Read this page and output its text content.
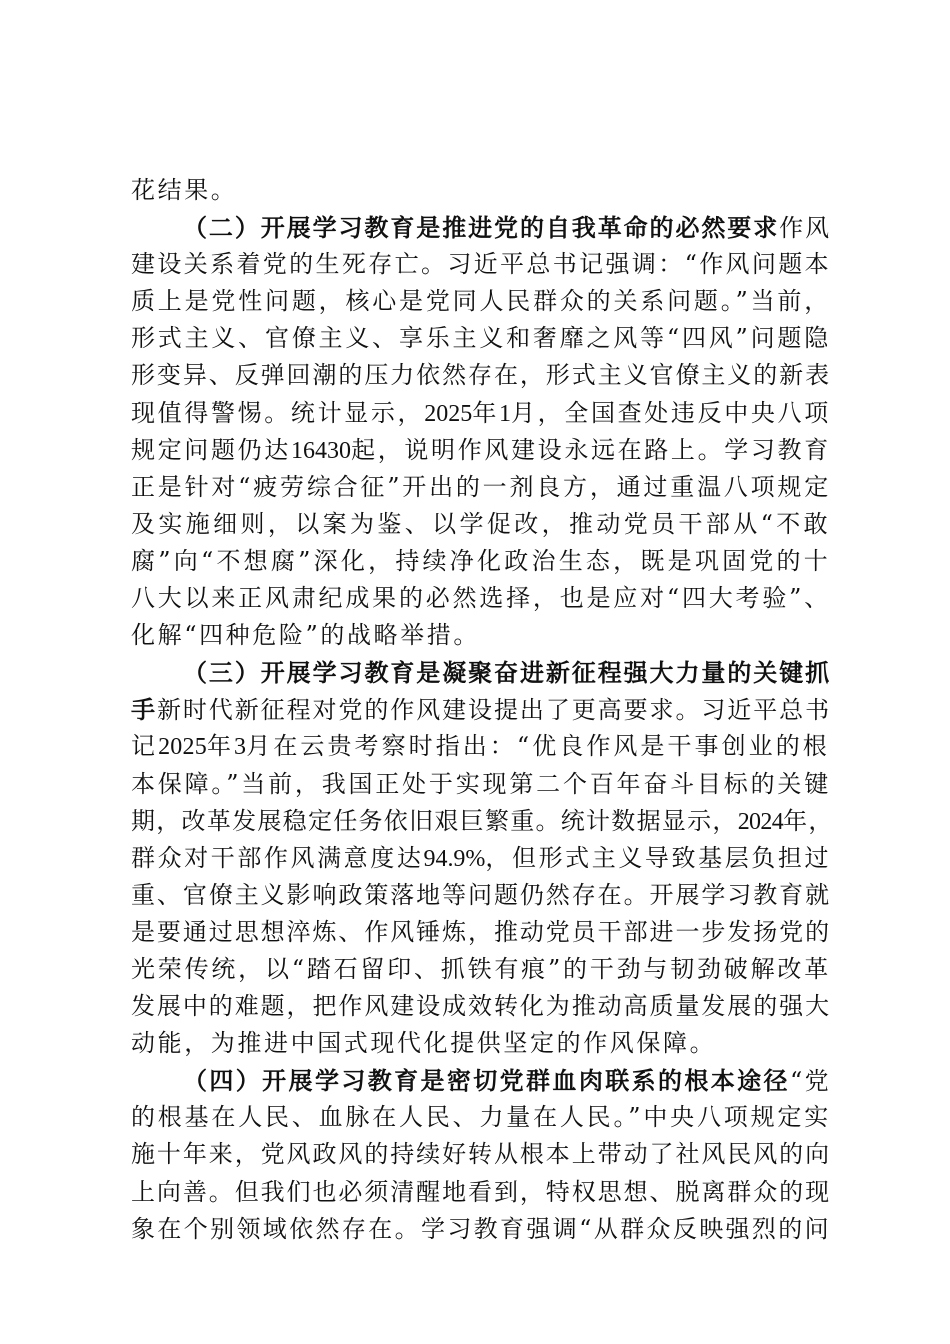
花结果。
（二）开展学习教育是推进党的自我革命的必然要求作风
建设关系着党的生死存亡。习近平总书记强调：“作风问题本
质上是党性问题，核心是党同人民群众的关系问题。”当前，
形式主义、官僚主义、享乐主义和奢靡之风等“四风”问题隐
形变异、反弹回潮的压力依然存在，形式主义官僚主义的新表
现值得警惕。统计显示，2025年1月，全国查处违反中央八项
规定问题仍达16430起，说明作风建设永远在路上。学习教育
正是针对“疲劳综合征”开出的一剂良方，通过重温八项规定
及实施细则，以案为鉴、以学促改，推动党员干部从“不敢
腐”向“不想腐”深化，持续净化政治生态，既是巩固党的十
八大以来正风肃纪成果的必然选择，也是应对“四大考验”、
化解“四种危险”的战略举措。
（三）开展学习教育是凝聚奋进新征程强大力量的关键抓
手新时代新征程对党的作风建设提出了更高要求。习近平总书
记2025年3月在云贵考察时指出：“优良作风是干事创业的根
本保障。”当前，我国正处于实现第二个百年奋斗目标的关键
期，改革发展稳定任务依旧艰巨繁重。统计数据显示，2024年，
群众对干部作风满意度达94.9%，但形式主义导致基层负担过
重、官僚主义影响政策落地等问题仍然存在。开展学习教育就
是要通过思想淬炼、作风锤炼，推动党员干部进一步发扬党的
光荣传统，以“踏石留印、抓铁有痕”的干劲与韧劲破解改革
发展中的难题，把作风建设成效转化为推动高质量发展的强大
动能，为推进中国式现代化提供坚定的作风保障。
（四）开展学习教育是密切党群血肉联系的根本途径“党
的根基在人民、血脉在人民、力量在人民。”中央八项规定实
施十年来，党风政风的持续好转从根本上带动了社风民风的向
上向善。但我们也必须清醒地看到，特权思想、脱离群众的现
象在个别领域依然存在。学习教育强调“从群众反映强烈的问
